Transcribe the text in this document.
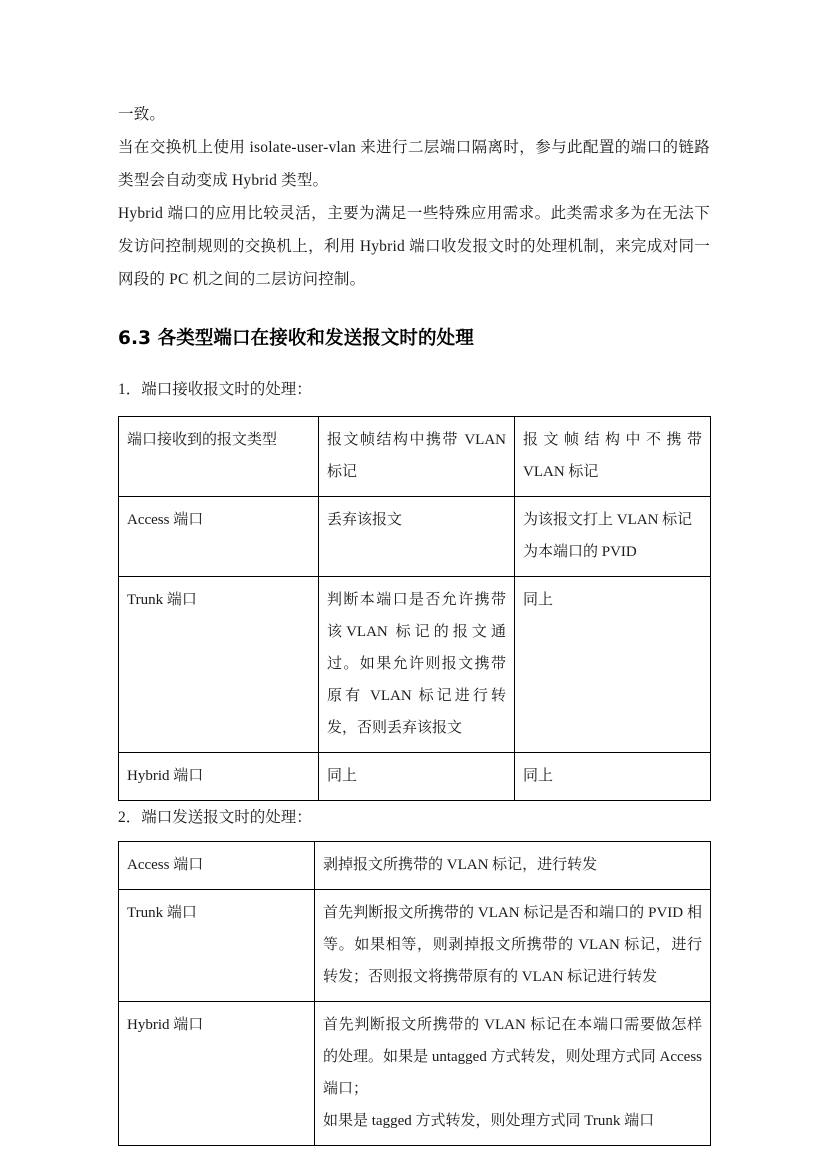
一致。

当在交换机上使用 isolate-user-vlan 来进行二层端口隔离时，参与此配置的端口的链路类型会自动变成 Hybrid 类型。

Hybrid 端口的应用比较灵活，主要为满足一些特殊应用需求。此类需求多为在无法下发访问控制规则的交换机上，利用 Hybrid 端口收发报文时的处理机制，来完成对同一网段的 PC 机之间的二层访问控制。

6.3 各类型端口在接收和发送报文时的处理

1．端口接收报文时的处理：

端口接收到的报文类型	报文帧结构中携带 VLAN 标记	报 文 帧 结 构 中 不 携 带 VLAN 标记
Access 端口	丢弃该报文	为该报文打上 VLAN 标记为本端口的 PVID
Trunk 端口	判断本端口是否允许携带该VLAN 标记的报文通过。如果允许则报文携带原有 VLAN 标记进行转发，否则丢弃该报文	同上
Hybrid 端口	同上	同上

2．端口发送报文时的处理：

Access 端口	剥掉报文所携带的 VLAN 标记，进行转发
Trunk 端口	首先判断报文所携带的 VLAN 标记是否和端口的 PVID 相等。如果相等，则剥掉报文所携带的 VLAN 标记，进行转发；否则报文将携带原有的 VLAN 标记进行转发
Hybrid 端口	首先判断报文所携带的 VLAN 标记在本端口需要做怎样的处理。如果是 untagged 方式转发，则处理方式同 Access 端口；
如果是 tagged 方式转发，则处理方式同 Trunk 端口
